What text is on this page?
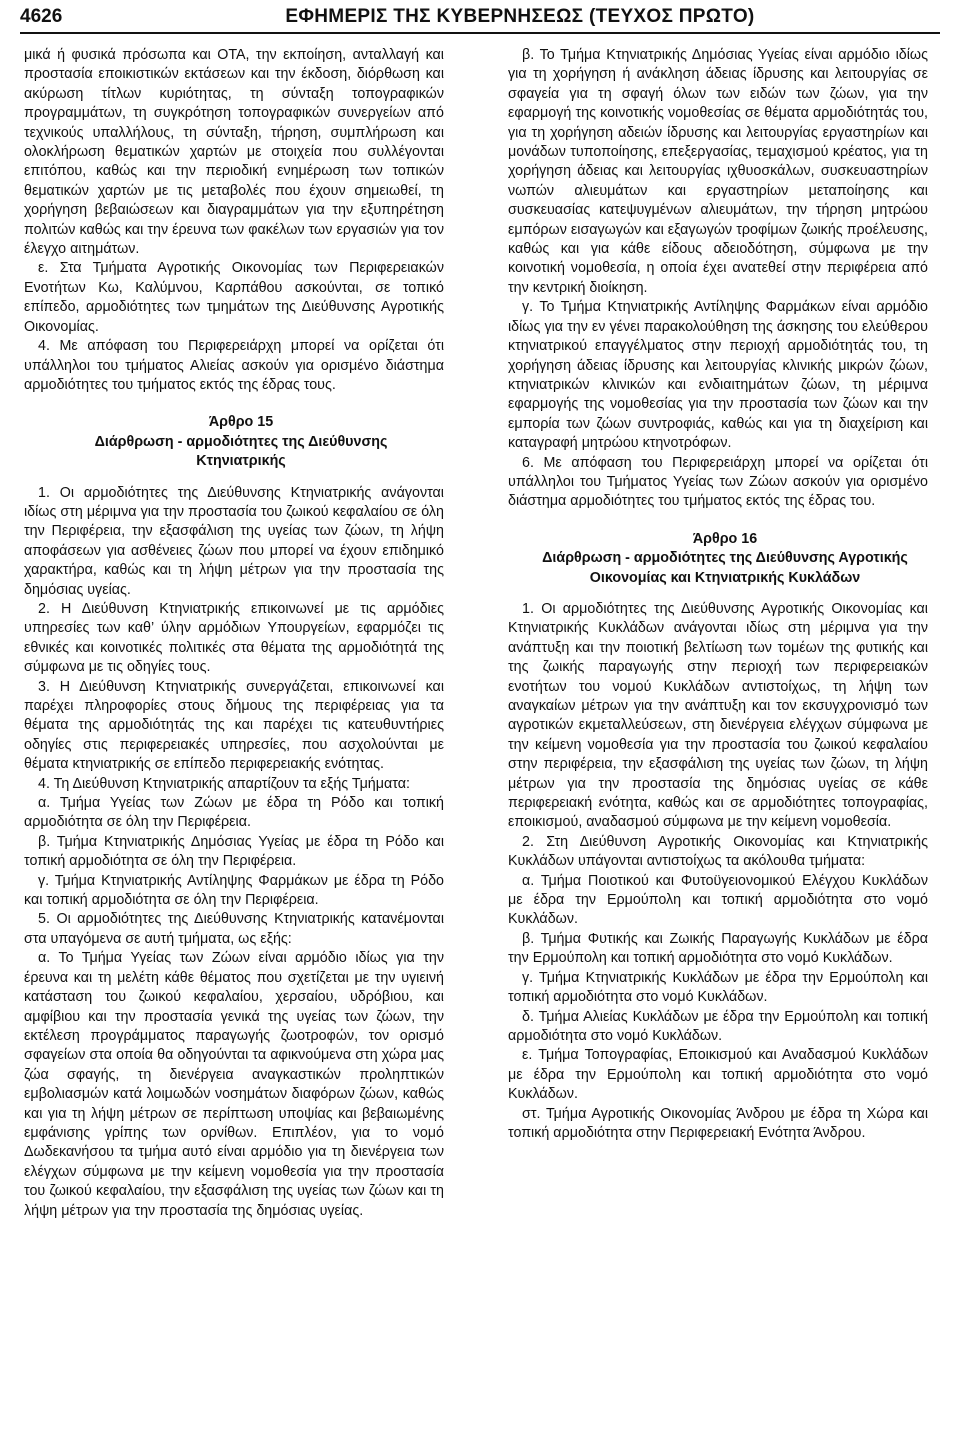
4626	ΕΦΗΜΕΡΙΣ ΤΗΣ ΚΥΒΕΡΝΗΣΕΩΣ (ΤΕΥΧΟΣ ΠΡΩΤΟ)

μικά ή φυσικά πρόσωπα και ΟΤΑ, την εκποίηση, ανταλλαγή και προστασία εποικιστικών εκτάσεων και την έκδοση, διόρθωση και ακύρωση τίτλων κυριότητας, τη σύνταξη τοπογραφικών προγραμμάτων, τη συγκρότηση τοπογραφικών συνεργείων από τεχνικούς υπαλλήλους, τη σύνταξη, τήρηση, συμπλήρωση και ολοκλήρωση θεματικών χαρτών με στοιχεία που συλλέγονται επιτόπου, καθώς και την περιοδική ενημέρωση των τοπικών θεματικών χαρτών με τις μεταβολές που έχουν σημειωθεί, τη χορήγηση βεβαιώσεων και διαγραμμάτων για την εξυπηρέτηση πολιτών καθώς και την έρευνα των φακέλων των εργασιών για τον έλεγχο αιτημάτων.

ε. Στα Τμήματα Αγροτικής Οικονομίας των Περιφερειακών Ενοτήτων Κω, Καλύμνου, Καρπάθου ασκούνται, σε τοπικό επίπεδο, αρμοδιότητες των τμημάτων της Διεύθυνσης Αγροτικής Οικονομίας.

4. Με απόφαση του Περιφερειάρχη μπορεί να ορίζεται ότι υπάλληλοι του τμήματος Αλιείας ασκούν για ορισμένο διάστημα αρμοδιότητες του τμήματος εκτός της έδρας τους.

Άρθρο 15

Διάρθρωση - αρμοδιότητες της Διεύθυνσης

Κτηνιατρικής

1. Οι αρμοδιότητες της Διεύθυνσης Κτηνιατρικής ανάγονται ιδίως στη μέριμνα για την προστασία του ζωικού κεφαλαίου σε όλη την Περιφέρεια, την εξασφάλιση της υγείας των ζώων, τη λήψη αποφάσεων για ασθένειες ζώων που μπορεί να έχουν επιδημικό χαρακτήρα, καθώς και τη λήψη μέτρων για την προστασία της δημόσιας υγείας.

2. Η Διεύθυνση Κτηνιατρικής επικοινωνεί με τις αρμόδιες υπηρεσίες των καθ’ ύλην αρμόδιων Υπουργείων, εφαρμόζει τις εθνικές και κοινοτικές πολιτικές στα θέματα της αρμοδιότητά της σύμφωνα με τις οδηγίες τους.

3. Η Διεύθυνση Κτηνιατρικής συνεργάζεται, επικοινωνεί και παρέχει πληροφορίες στους δήμους της περιφέρειας για τα θέματα της αρμοδιότητάς της και παρέχει τις κατευθυντήριες οδηγίες στις περιφερειακές υπηρεσίες, που ασχολούνται με θέματα κτηνιατρικής σε επίπεδο περιφερειακής ενότητας.

4. Τη Διεύθυνση Κτηνιατρικής απαρτίζουν τα εξής Τμήματα:

α. Τμήμα Υγείας των Ζώων με έδρα τη Ρόδο και τοπική αρμοδιότητα σε όλη την Περιφέρεια.

β. Τμήμα Κτηνιατρικής Δημόσιας Υγείας με έδρα τη Ρόδο και τοπική αρμοδιότητα σε όλη την Περιφέρεια.

γ. Τμήμα Κτηνιατρικής Αντίληψης Φαρμάκων με έδρα τη Ρόδο και τοπική αρμοδιότητα σε όλη την Περιφέρεια.

5. Οι αρμοδιότητες της Διεύθυνσης Κτηνιατρικής κατανέμονται στα υπαγόμενα σε αυτή τμήματα, ως εξής:

α. Το Τμήμα Υγείας των Ζώων είναι αρμόδιο ιδίως για την έρευνα και τη μελέτη κάθε θέματος που σχετίζεται με την υγιεινή κατάσταση του ζωικού κεφαλαίου, χερσαίου, υδρόβιου, και αμφίβιου και την προστασία γενικά της υγείας των ζώων, την εκτέλεση προγράμματος παραγωγής ζωοτροφών, τον ορισμό σφαγείων στα οποία θα οδηγούνται τα αφικνούμενα στη χώρα μας ζώα σφαγής, τη διενέργεια αναγκαστικών προληπτικών εμβολιασμών κατά λοιμωδών νοσημάτων διαφόρων ζώων, καθώς και για τη λήψη μέτρων σε περίπτωση υποψίας και βεβαιωμένης εμφάνισης γρίπης των ορνίθων. Επιπλέον, για το νομό Δωδεκανήσου τα τμήμα αυτό είναι αρμόδιο για τη διενέργεια των ελέγχων σύμφωνα με την κείμενη νομοθεσία για την προστασία του ζωικού κεφαλαίου, την εξασφάλιση της υγείας των ζώων και τη λήψη μέτρων για την προστασία της δημόσιας υγείας.

β. Το Τμήμα Κτηνιατρικής Δημόσιας Υγείας είναι αρμόδιο ιδίως για τη χορήγηση ή ανάκληση άδειας ίδρυσης και λειτουργίας σε σφαγεία για τη σφαγή όλων των ειδών των ζώων, για την εφαρμογή της κοινοτικής νομοθεσίας σε θέματα αρμοδιότητάς του, για τη χορήγηση αδειών ίδρυσης και λειτουργίας εργαστηρίων και μονάδων τυποποίησης, επεξεργασίας, τεμαχισμού κρέατος, για τη χορήγηση άδειας και λειτουργίας ιχθυοσκάλων, συσκευαστηρίων νωπών αλιευμάτων και εργαστηρίων μεταποίησης και συσκευασίας κατεψυγμένων αλιευμάτων, την τήρηση μητρώου εμπόρων εισαγωγών και εξαγωγών τροφίμων ζωικής προέλευσης, καθώς και για κάθε είδους αδειοδότηση, σύμφωνα με την κοινοτική νομοθεσία, η οποία έχει ανατεθεί στην περιφέρεια από την κεντρική διοίκηση.

γ. Το Τμήμα Κτηνιατρικής Αντίληψης Φαρμάκων είναι αρμόδιο ιδίως για την εν γένει παρακολούθηση της άσκησης του ελεύθερου κτηνιατρικού επαγγέλματος στην περιοχή αρμοδιότητάς του, τη χορήγηση άδειας ίδρυσης και λειτουργίας κλινικής μικρών ζώων, κτηνιατρικών κλινικών και ενδιαιτημάτων ζώων, τη μέριμνα εφαρμογής της νομοθεσίας για την προστασία των ζώων και την εμπορία των ζώων συντροφιάς, καθώς και για τη διαχείριση και καταγραφή μητρώου κτηνοτρόφων.

6. Με απόφαση του Περιφερειάρχη μπορεί να ορίζεται ότι υπάλληλοι του Τμήματος Υγείας των Ζώων ασκούν για ορισμένο διάστημα αρμοδιότητες του τμήματος εκτός της έδρας του.

Άρθρο 16

Διάρθρωση - αρμοδιότητες της Διεύθυνσης Αγροτικής

Οικονομίας και Κτηνιατρικής Κυκλάδων

1. Οι αρμοδιότητες της Διεύθυνσης Αγροτικής Οικονομίας και Κτηνιατρικής Κυκλάδων ανάγονται ιδίως στη μέριμνα για την ανάπτυξη και την ποιοτική βελτίωση των τομέων της φυτικής και της ζωικής παραγωγής στην περιοχή των περιφερειακών ενοτήτων του νομού Κυκλάδων αντιστοίχως, τη λήψη των αναγκαίων μέτρων για την ανάπτυξη και τον εκσυγχρονισμό των αγροτικών εκμεταλλεύσεων, στη διενέργεια ελέγχων σύμφωνα με την κείμενη νομοθεσία για την προστασία του ζωικού κεφαλαίου στην περιφέρεια, την εξασφάλιση της υγείας των ζώων, τη λήψη μέτρων για την προστασία της δημόσιας υγείας σε κάθε περιφερειακή ενότητα, καθώς και σε αρμοδιότητες τοπογραφίας, εποικισμού, αναδασμού σύμφωνα με την κείμενη νομοθεσία.

2. Στη Διεύθυνση Αγροτικής Οικονομίας και Κτηνιατρικής Κυκλάδων υπάγονται αντιστοίχως τα ακόλουθα τμήματα:

α. Τμήμα Ποιοτικού και Φυτοϋγειονομικού Ελέγχου Κυκλάδων με έδρα την Ερμούπολη και τοπική αρμοδιότητα στο νομό Κυκλάδων.

β. Τμήμα Φυτικής και Ζωικής Παραγωγής Κυκλάδων με έδρα την Ερμούπολη και τοπική αρμοδιότητα στο νομό Κυκλάδων.

γ. Τμήμα Κτηνιατρικής Κυκλάδων με έδρα την Ερμούπολη και τοπική αρμοδιότητα στο νομό Κυκλάδων.

δ. Τμήμα Αλιείας Κυκλάδων με έδρα την Ερμούπολη και τοπική αρμοδιότητα στο νομό Κυκλάδων.

ε. Τμήμα Τοπογραφίας, Εποικισμού και Αναδασμού Κυκλάδων με έδρα την Ερμούπολη και τοπική αρμοδιότητα στο νομό Κυκλάδων.

στ. Τμήμα Αγροτικής Οικονομίας Άνδρου με έδρα τη Χώρα και τοπική αρμοδιότητα στην Περιφερειακή Ενότητα Άνδρου.
